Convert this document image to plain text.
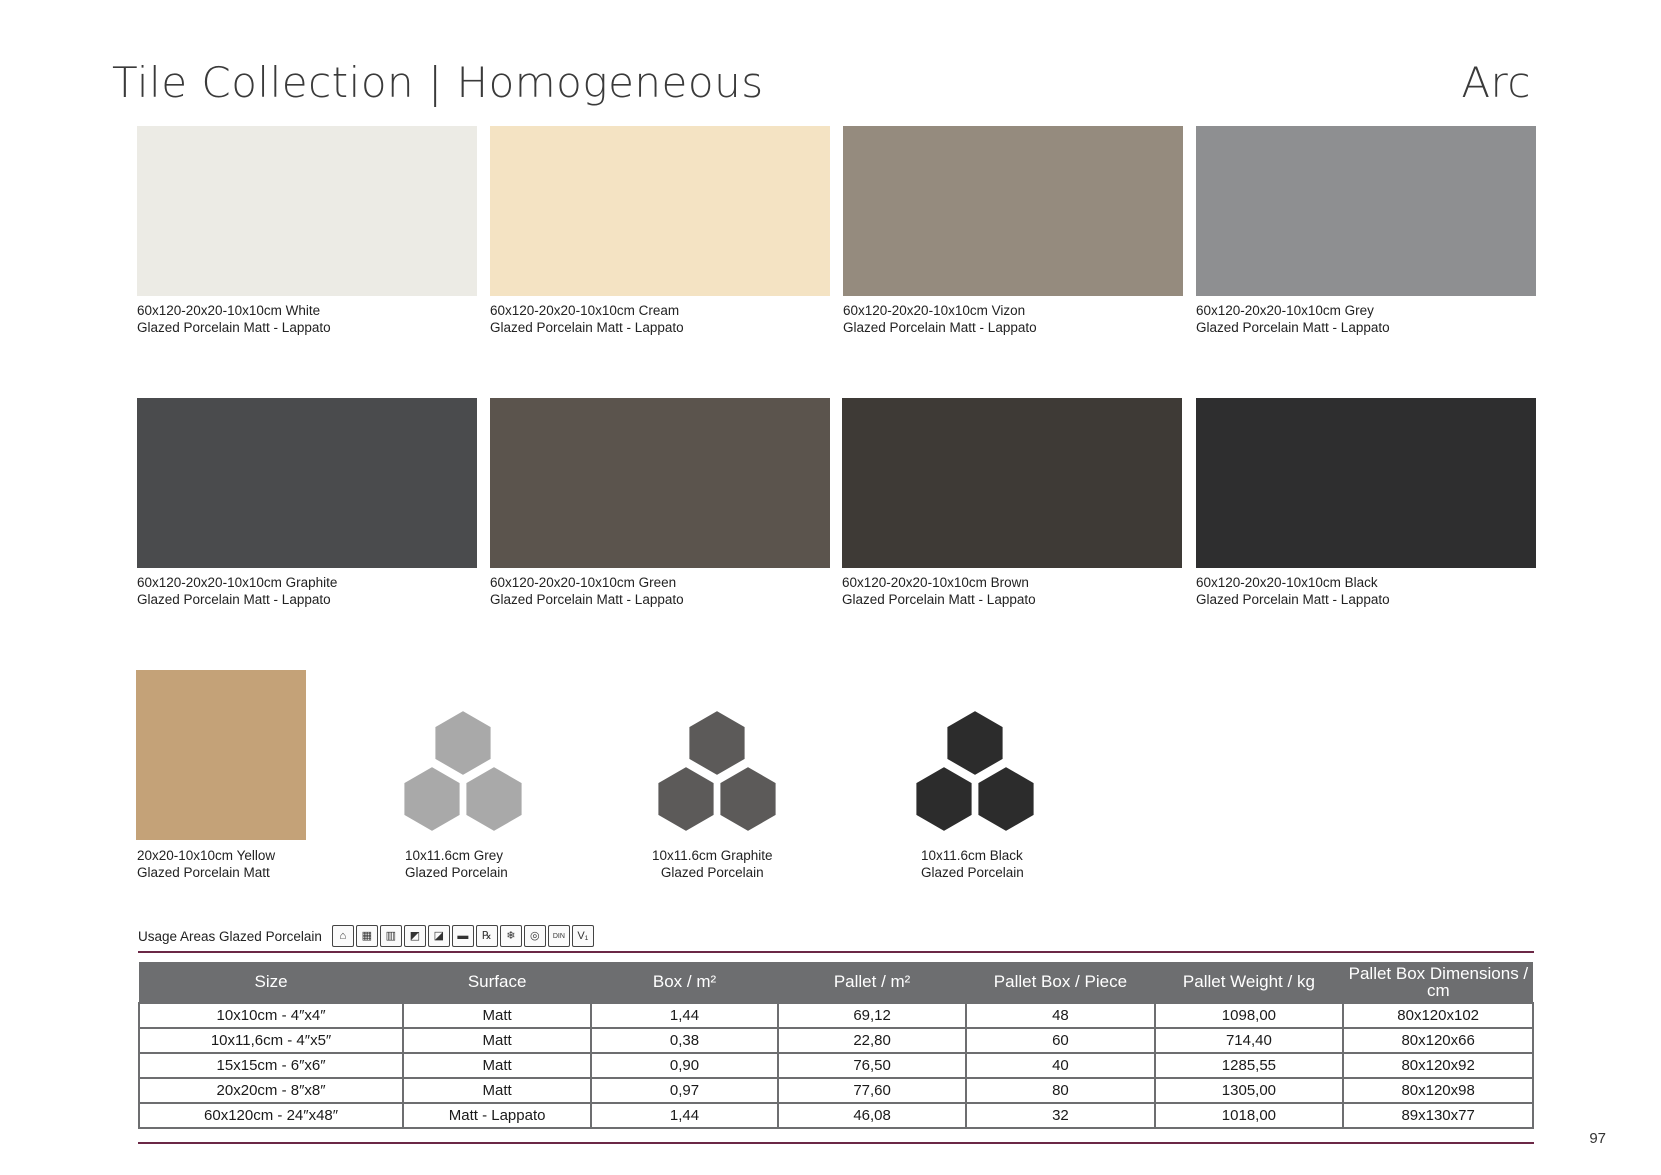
Tile Collection | Homogeneous	Arc
60x120-20x20-10x10cm White
Glazed Porcelain Matt - Lappato
60x120-20x20-10x10cm Cream
Glazed Porcelain Matt - Lappato
60x120-20x20-10x10cm Vizon
Glazed Porcelain Matt - Lappato
60x120-20x20-10x10cm Grey
Glazed Porcelain Matt - Lappato
60x120-20x20-10x10cm Graphite
Glazed Porcelain Matt - Lappato
60x120-20x20-10x10cm Green
Glazed Porcelain Matt - Lappato
60x120-20x20-10x10cm Brown
Glazed Porcelain Matt - Lappato
60x120-20x20-10x10cm Black
Glazed Porcelain Matt - Lappato
20x20-10x10cm Yellow
Glazed Porcelain Matt
10x11.6cm Grey
Glazed Porcelain
10x11.6cm Graphite
Glazed Porcelain
10x11.6cm Black
Glazed Porcelain
Usage Areas Glazed Porcelain	⌂	▦	▥	◩	◪	▬	℞	❄	◎	DIN	V₁
Size	Surface	Box / m²	Pallet / m²	Pallet Box / Piece	Pallet Weight / kg	Pallet Box Dimensions / cm
10x10cm - 4″x4″	Matt	1,44	69,12	48	1098,00	80x120x102
10x11,6cm - 4″x5″	Matt	0,38	22,80	60	714,40	80x120x66
15x15cm - 6″x6″	Matt	0,90	76,50	40	1285,55	80x120x92
20x20cm - 8″x8″	Matt	0,97	77,60	80	1305,00	80x120x98
60x120cm - 24″x48″	Matt - Lappato	1,44	46,08	32	1018,00	89x130x77
97
